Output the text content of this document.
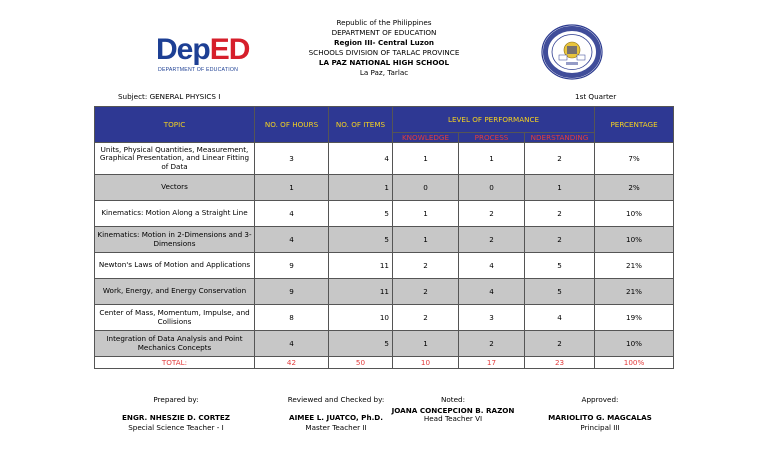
DepED
DEPARTMENT OF EDUCATION
Republic of the Philippines
DEPARTMENT OF EDUCATION
Region III- Central Luzon
SCHOOLS DIVISION OF TARLAC PROVINCE
LA PAZ NATIONAL HIGH SCHOOL
La Paz, Tarlac
Subject: GENERAL PHYSICS I	1st Quarter
TOPIC	NO. OF HOURS	NO. OF ITEMS	LEVEL OF PERFORMANCE			PERCENTAGE
			KNOWLEDGE	PROCESS	NDERSTANDING	
Units, Physical Quantities, Measurement, Graphical Presentation, and Linear Fitting of Data	3	4	1	1	2	7%
Vectors	1	1	0	0	1	2%
Kinematics: Motion Along a Straight Line	4	5	1	2	2	10%
Kinematics: Motion in 2-Dimensions and 3-Dimensions	4	5	1	2	2	10%
Newton's Laws of Motion and Applications	9	11	2	4	5	21%
Work, Energy, and Energy Conservation	9	11	2	4	5	21%
Center of Mass, Momentum, Impulse, and Collisions	8	10	2	3	4	19%
Integration of Data Analysis and Point Mechanics Concepts	4	5	1	2	2	10%
TOTAL:	42	50	10	17	23	100%
Prepared by:
ENGR. NHESZIE D. CORTEZ
Special Science Teacher - I
Reviewed and Checked by:
AIMEE L. JUATCO, Ph.D.
Master Teacher II
Noted:
JOANA CONCEPCION B. RAZON
Head Teacher VI
Approved:
MARIOLITO G. MAGCALAS
Principal III
